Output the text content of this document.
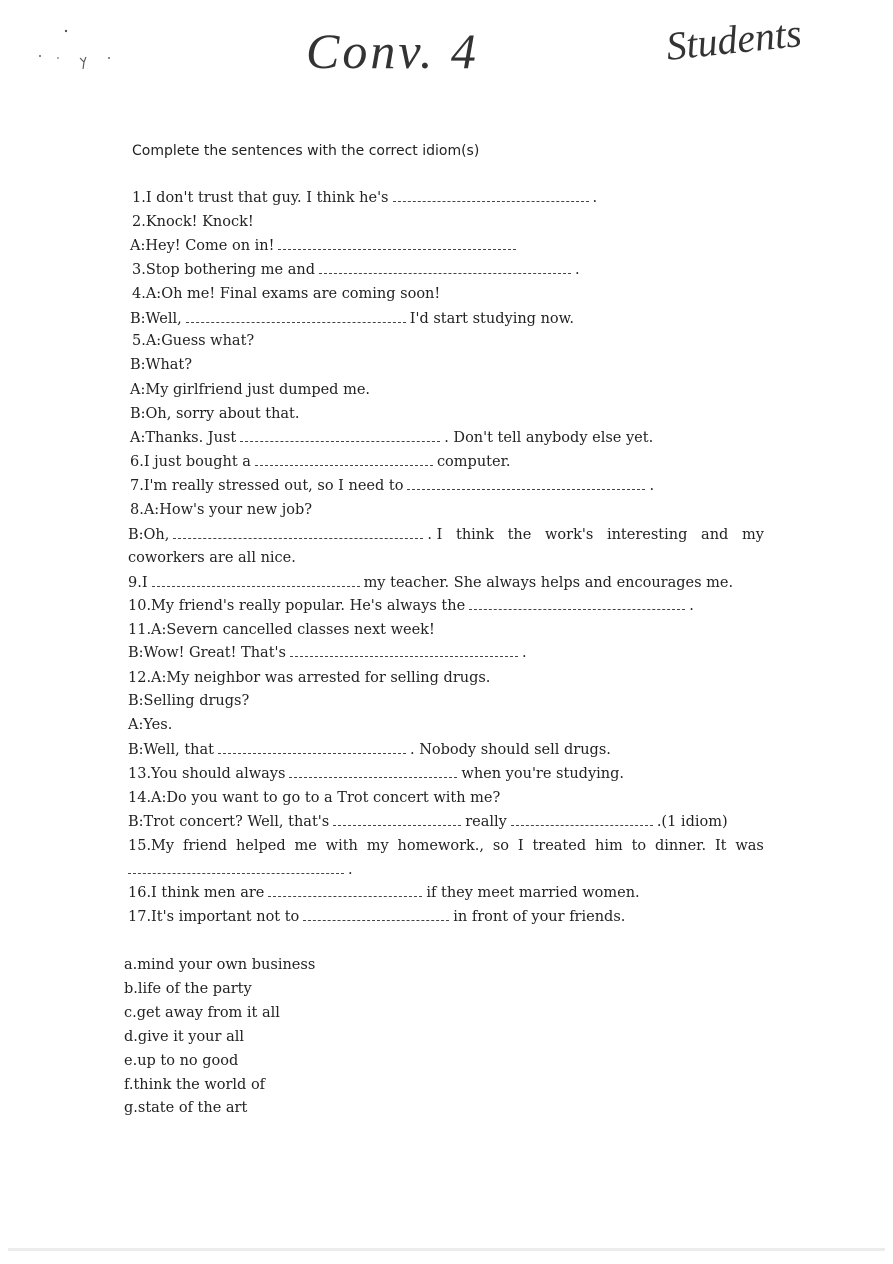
Conv. 4	Students
Complete the sentences with the correct idiom(s)
1.I don't trust that guy. I think he's	.
2.Knock! Knock!
A:Hey! Come on in!
3.Stop bothering me and	.
4.A:Oh me! Final exams are coming soon!
B:Well,	I'd start studying now.
5.A:Guess what?
B:What?
A:My girlfriend just dumped me.
B:Oh, sorry about that.
A:Thanks. Just	. Don't tell anybody else yet.
6.I just bought a	computer.
7.I'm really stressed out, so I need to	.
8.A:How's your new job?
B:Oh,	. I think the work's interesting and my
coworkers are all nice.
9.I	my teacher. She always helps and encourages me.
10.My friend's really popular. He's always the	.
11.A:Severn cancelled classes next week!
B:Wow! Great! That's	.
12.A:My neighbor was arrested for selling drugs.
B:Selling drugs?
A:Yes.
B:Well, that	. Nobody should sell drugs.
13.You should always	when you're studying.
14.A:Do you want to go to a Trot concert with me?
B:Trot concert? Well, that's	really	.(1 idiom)
15.My friend helped me with my homework., so I treated him to dinner. It was
.
16.I think men are	if they meet married women.
17.It's important not to	in front of your friends.
a.mind your own business
b.life of the party
c.get away from it all
d.give it your all
e.up to no good
f.think the world of
g.state of the art
